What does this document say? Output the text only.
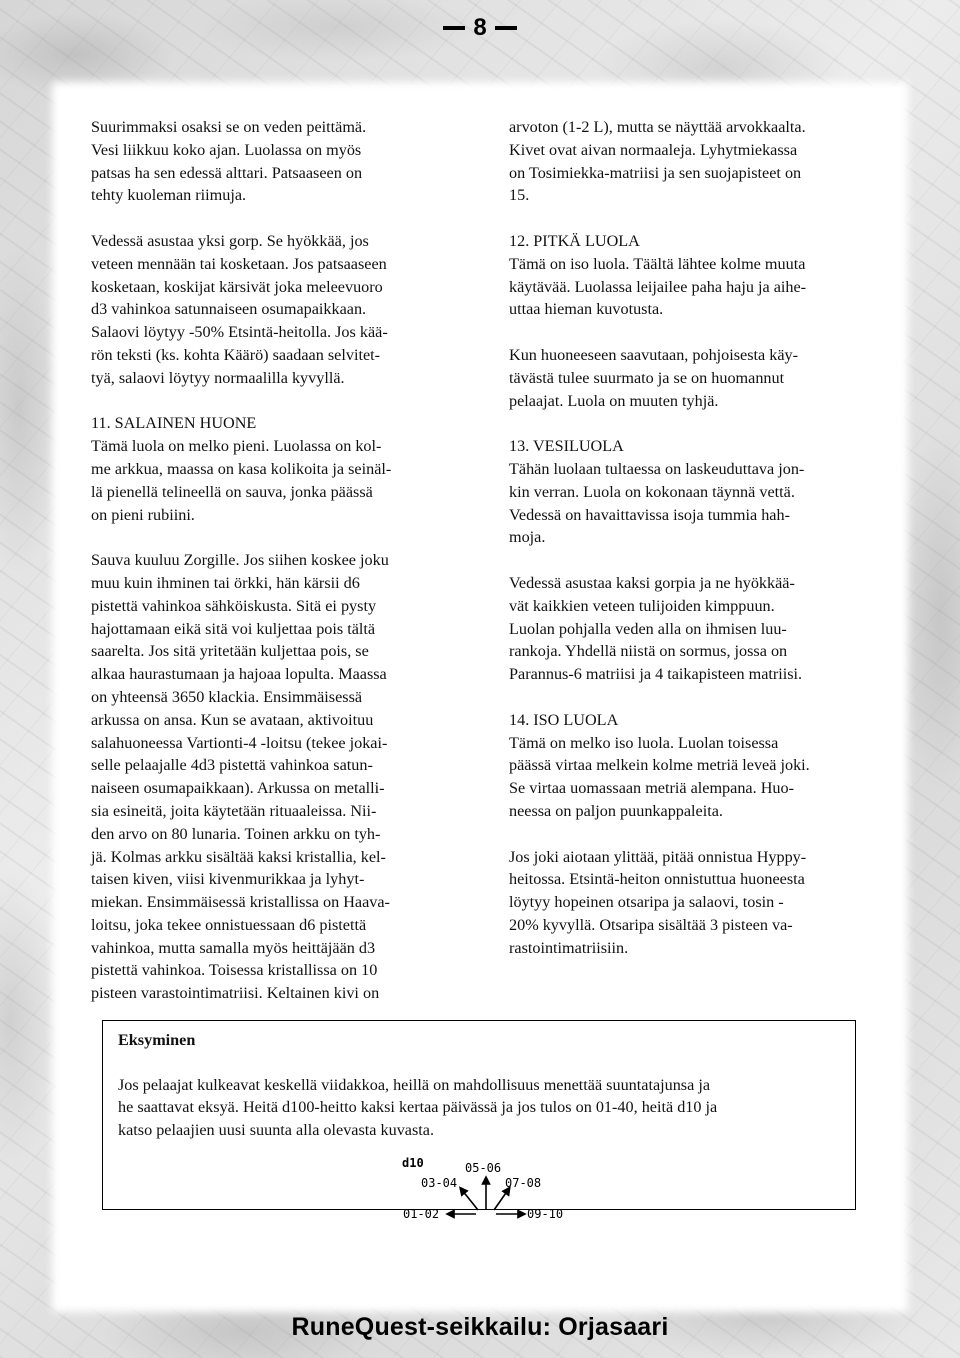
8

Suurimmaksi osaksi se on veden peittämä.
Vesi liikkuu koko ajan. Luolassa on myös
patsas ha sen edessä alttari. Patsaaseen on
tehty kuoleman riimuja.

Vedessä asustaa yksi gorp. Se hyökkää, jos
veteen mennään tai kosketaan. Jos patsaaseen
kosketaan, koskijat kärsivät joka meleevuoro
d3 vahinkoa satunnaiseen osumapaikkaan.
Salaovi löytyy -50% Etsintä-heitolla. Jos kää-
rön teksti (ks. kohta Käärö) saadaan selvitet-
tyä, salaovi löytyy normaalilla kyvyllä.

11. SALAINEN HUONE
Tämä luola on melko pieni. Luolassa on kol-
me arkkua, maassa on kasa kolikoita ja seinäl-
lä pienellä telineellä on sauva, jonka päässä
on pieni rubiini.

Sauva kuuluu Zorgille. Jos siihen koskee joku
muu kuin ihminen tai örkki, hän kärsii d6
pistettä vahinkoa sähköiskusta. Sitä ei pysty
hajottamaan eikä sitä voi kuljettaa pois tältä
saarelta. Jos sitä yritetään kuljettaa pois, se
alkaa haurastumaan ja hajoaa lopulta. Maassa
on yhteensä 3650 klackia. Ensimmäisessä
arkussa on ansa. Kun se avataan, aktivoituu
salahuoneessa Vartionti-4 -loitsu (tekee jokai-
selle pelaajalle 4d3 pistettä vahinkoa satun-
naiseen osumapaikkaan). Arkussa on metalli-
sia esineitä, joita käytetään rituaaleissa. Nii-
den arvo on 80 lunaria. Toinen arkku on tyh-
jä. Kolmas arkku sisältää kaksi kristallia, kel-
taisen kiven, viisi kivenmurikkaa ja lyhyt-
miekan. Ensimmäisessä kristallissa on Haava-
loitsu, joka tekee onnistuessaan d6 pistettä
vahinkoa, mutta samalla myös heittäjään d3
pistettä vahinkoa. Toisessa kristallissa on 10
pisteen varastointimatriisi. Keltainen kivi on

arvoton (1-2 L), mutta se näyttää arvokkaalta.
Kivet ovat aivan normaaleja. Lyhytmiekassa
on Tosimiekka-matriisi ja sen suojapisteet on
15.

12. PITKÄ LUOLA
Tämä on iso luola. Täältä lähtee kolme muuta
käytävää. Luolassa leijailee paha haju ja aihe-
uttaa hieman kuvotusta.

Kun huoneeseen saavutaan, pohjoisesta käy-
tävästä tulee suurmato ja se on huomannut
pelaajat. Luola on muuten tyhjä.

13. VESILUOLA
Tähän luolaan tultaessa on laskeuduttava jon-
kin verran. Luola on kokonaan täynnä vettä.
Vedessä on havaittavissa isoja tummia hah-
moja.

Vedessä asustaa kaksi gorpia ja ne hyökkää-
vät kaikkien veteen tulijoiden kimppuun.
Luolan pohjalla veden alla on ihmisen luu-
rankoja. Yhdellä niistä on sormus, jossa on
Parannus-6 matriisi ja 4 taikapisteen matriisi.

14. ISO LUOLA
Tämä on melko iso luola. Luolan toisessa
päässä virtaa melkein kolme metriä leveä joki.
Se virtaa uomassaan metriä alempana. Huo-
neessa on paljon puunkappaleita.

Jos joki aiotaan ylittää, pitää onnistua Hyppy-
heitossa. Etsintä-heiton onnistuttua huoneesta
löytyy hopeinen otsaripa ja salaovi, tosin -
20% kyvyllä. Otsaripa sisältää 3 pisteen va-
rastointimatriisiin.

Eksyminen

Jos pelaajat kulkeavat keskellä viidakkoa, heillä on mahdollisuus menettää suuntatajunsa ja
he saattavat eksyä. Heitä d100-heitto kaksi kertaa päivässä ja jos tulos on 01-40, heitä d10 ja
katso pelaajien uusi suunta alla olevasta kuvasta.

d10	05-06
03-04	07-08
01-02	09-10
RuneQuest-seikkailu: Orjasaari
